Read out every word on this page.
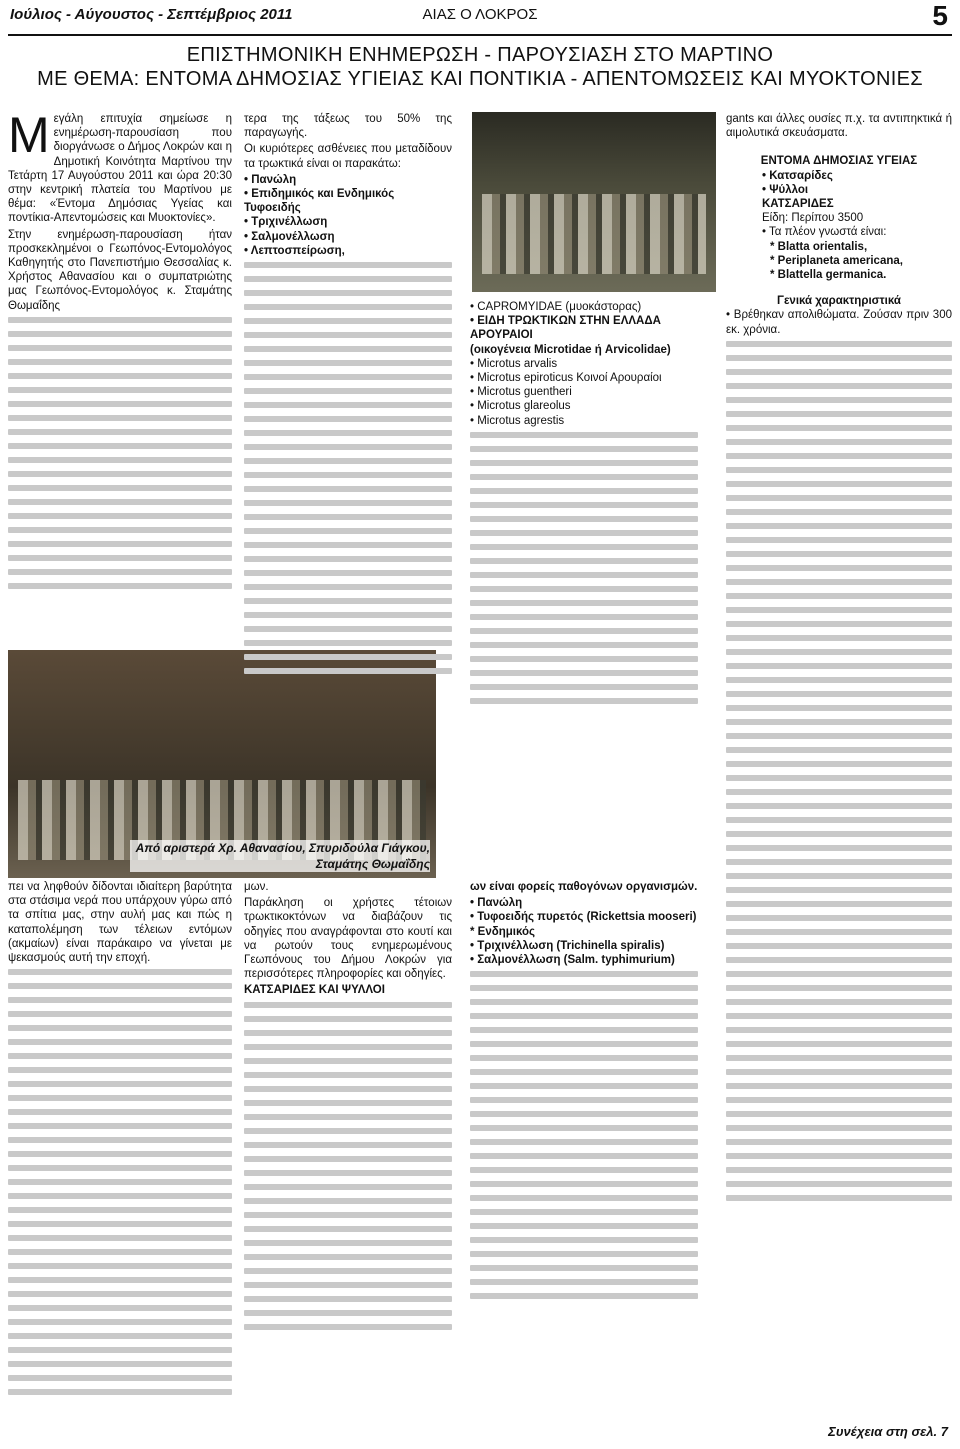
Ιούλιος - Αύγουστος - Σεπτέμβριος 2011	ΑΙΑΣ Ο ΛΟΚΡΟΣ	5
ΕΠΙΣΤΗΜΟΝΙΚΗ ΕΝΗΜΕΡΩΣΗ - ΠΑΡΟΥΣΙΑΣΗ ΣΤΟ ΜΑΡΤΙΝΟ
ΜΕ ΘΕΜΑ: ΕΝΤΟΜΑ ΔΗΜΟΣΙΑΣ ΥΓΙΕΙΑΣ ΚΑΙ ΠΟΝΤΙΚΙΑ - ΑΠΕΝΤΟΜΩΣΕΙΣ ΚΑΙ ΜΥΟΚΤΟΝΙΕΣ
Μ εγάλη επιτυχία σημείωσε η ενημέρωση-παρουσίαση που διοργάνωσε ο Δήμος Λοκρών και η Δημοτική Κοινότητα Μαρτίνου την Τετάρτη 17 Αυγούστου 2011 και ώρα 20:30 στην κεντρική πλατεία του Μαρτίνου με θέμα: «Έντομα Δημόσιας Υγείας και ποντίκια-Απεντομώσεις και Μυοκτονίες».

Στην ενημέρωση-παρουσίαση ήταν προσκεκλημένοι ο Γεωπόνος-Εντομολόγος Καθηγητής στο Πανεπιστήμιο Θεσσαλίας κ. Χρήστος Αθανασίου και ο συμπατριώτης μας Γεωπόνος-Εντομολόγος κ. Σταμάτης Θωμαΐδης

Από αριστερά Χρ. Αθανασίου, Σπυριδούλα Γιάγκου, Σταμάτης Θωμαΐδης

πει να ληφθούν δίδονται ιδιαίτερη βαρύτητα στα στάσιμα νερά που υπάρχουν γύρω από τα σπίτια μας, στην αυλή μας και πώς η καταπολέμηση των τέλειων εντόμων (ακμαίων) είναι παράκαιρο να γίνεται με ψεκασμούς αυτή την εποχή.

τερα της τάξεως του 50% της παραγωγής.

Οι κυριότερες ασθένειες που μεταδίδουν τα τρωκτικά είναι οι παρακάτω:

• Πανώλη
• Επιδημικός και Ενδημικός Τυφοειδής
• Τριχινέλλωση
• Σαλμονέλλωση
• Λεπτοσπείρωση,

μων.

Παράκληση οι χρήστες τέτοιων τρωκτικοκτόνων να διαβάζουν τις οδηγίες που αναγράφονται στο κουτί και να ρωτούν τους ενημερωμένους Γεωπόνους του Δήμου Λοκρών για περισσότερες πληροφορίες και οδηγίες.

ΚΑΤΣΑΡΙΔΕΣ ΚΑΙ ΨΥΛΛΟΙ
• CAPROMYIDAE (μυοκάστορας)
• ΕΙΔΗ ΤΡΩΚΤΙΚΩΝ ΣΤΗΝ ΕΛΛΑΔΑ ΑΡΟΥΡΑΙΟΙ
(οικογένεια Microtidae ή Arvicolidae)
• Microtus arvalis
• Microtus epiroticus Κοινοί Αρουραίοι
• Microtus guentheri
• Microtus glareolus
• Microtus agrestis

ων είναι φορείς παθογόνων οργανισμών.

• Πανώλη
• Τυφοειδής πυρετός (Rickettsia mooseri)
* Ενδημικός
• Τριχινέλλωση (Trichinella spiralis)
• Σαλμονέλλωση (Salm. typhimurium)

gants και άλλες ουσίες π.χ. τα αντιπηκτικά ή αιμολυτικά σκευάσματα.

ΕΝΤΟΜΑ ΔΗΜΟΣΙΑΣ ΥΓΕΙΑΣ
• Κατσαρίδες
• Ψύλλοι
ΚΑΤΣΑΡΙΔΕΣ
Είδη: Περίπου 3500
• Τα πλέον γνωστά είναι:
* Blatta orientalis,
* Periplaneta americana,
* Blattella germanica.
Γενικά χαρακτηριστικά

• Βρέθηκαν απολιθώματα. Ζούσαν πριν 300 εκ. χρόνια.

Συνέχεια στη σελ. 7
